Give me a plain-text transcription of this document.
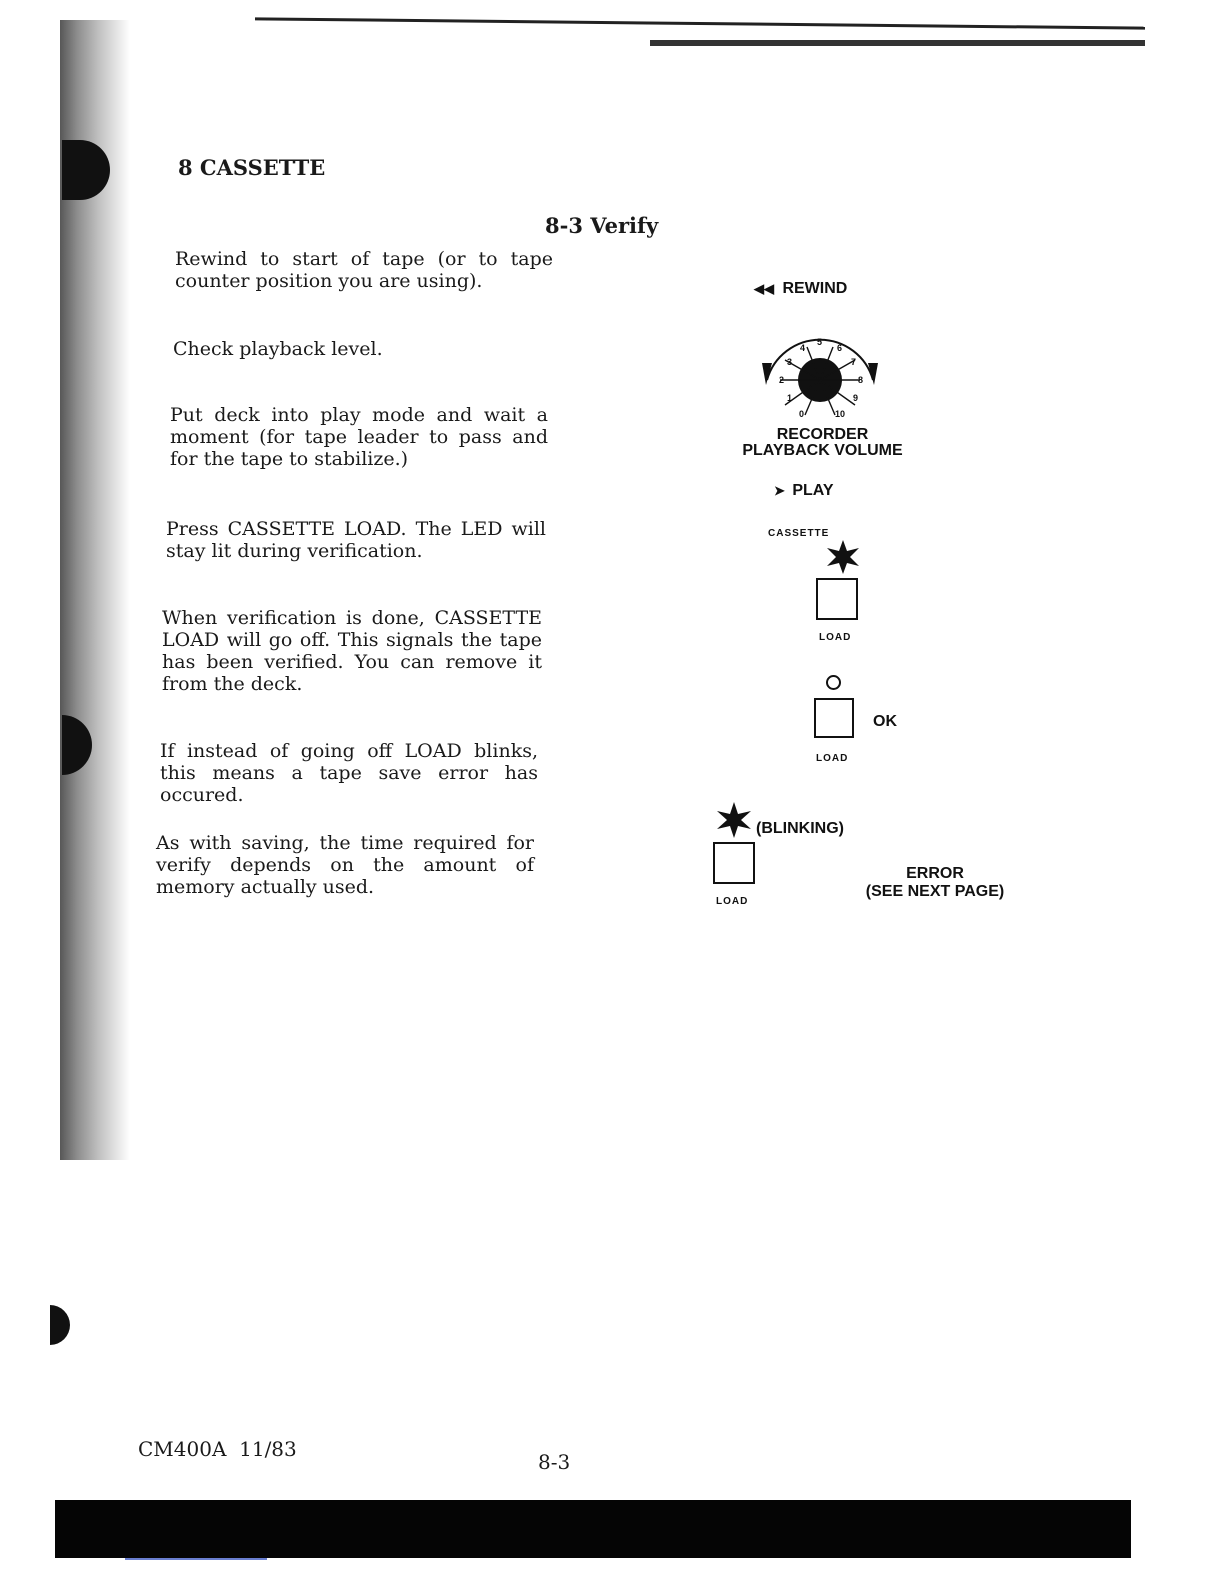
8 CASSETTE
8-3 Verify
Rewind to start of tape (or to tape counter position you are using).
Check playback level.
Put deck into play mode and wait a moment (for tape leader to pass and for the tape to stabilize.)
Press CASSETTE LOAD. The LED will stay lit during verification.
When verification is done, CASSETTE LOAD will go off. This signals the tape has been verified. You can remove it from the deck.
If instead of going off LOAD blinks, this means a tape save error has occured.
As with saving, the time required for verify depends on the amount of memory actually used.
◀◀ REWIND
0
1
2
3
4
5
6
7
8
9
10
RECORDER
PLAYBACK VOLUME
➤ PLAY
CASSETTE
LOAD
OK
LOAD
(BLINKING)
LOAD
ERROR
(SEE NEXT PAGE)
CM400A  11/83
8-3
